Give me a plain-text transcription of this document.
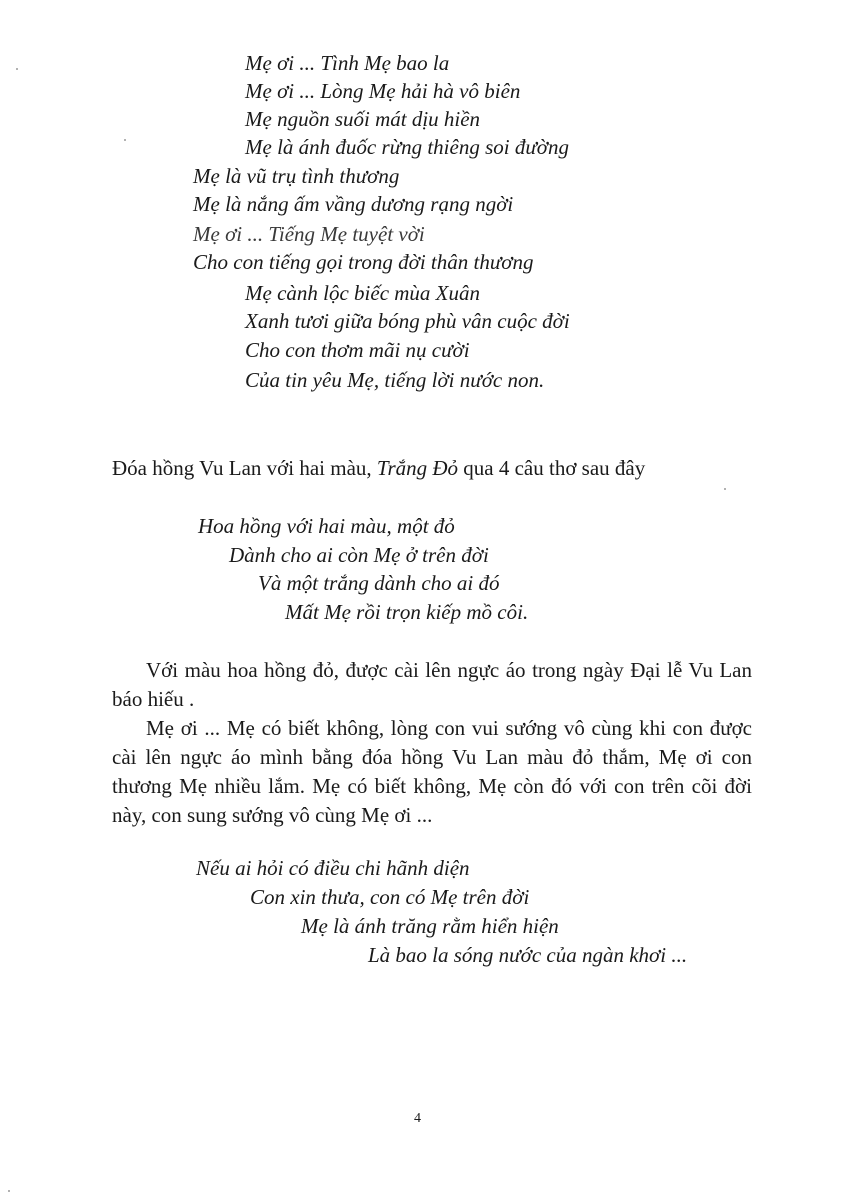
Mẹ ơi ... Tình Mẹ bao la
Mẹ ơi ... Lòng Mẹ hải hà vô biên
Mẹ nguồn suối mát dịu hiền
Mẹ là ánh đuốc rừng thiêng soi đường
Mẹ là vũ trụ tình thương
Mẹ là nắng ấm vầng dương rạng ngời
Mẹ ơi ... Tiếng Mẹ tuyệt vời
Cho con tiếng gọi trong đời thân thương
Mẹ cành lộc biếc mùa Xuân
Xanh tươi giữa bóng phù vân cuộc đời
Cho con thơm mãi nụ cười
Của tin yêu Mẹ, tiếng lời nước non.
Đóa hồng Vu Lan với hai màu, Trắng Đỏ qua 4 câu thơ sau đây
Hoa hồng với hai màu, một đỏ
Dành cho ai còn Mẹ ở trên đời
Và một trắng dành cho ai đó
Mất Mẹ rồi trọn kiếp mồ côi.
Với màu hoa hồng đỏ, được cài lên ngực áo trong ngày Đại lễ Vu Lan báo hiếu .
Mẹ ơi ... Mẹ có biết không, lòng con vui sướng vô cùng khi con được cài lên ngực áo mình bằng đóa hồng Vu Lan màu đỏ thắm, Mẹ ơi con thương Mẹ nhiều lắm. Mẹ có biết không, Mẹ còn đó với con trên cõi đời này, con sung sướng vô cùng Mẹ ơi ...
Nếu ai hỏi có điều chi hãnh diện
Con xin thưa, con có Mẹ trên đời
Mẹ là ánh trăng rằm hiển hiện
Là bao la sóng nước của ngàn khơi ...
4
